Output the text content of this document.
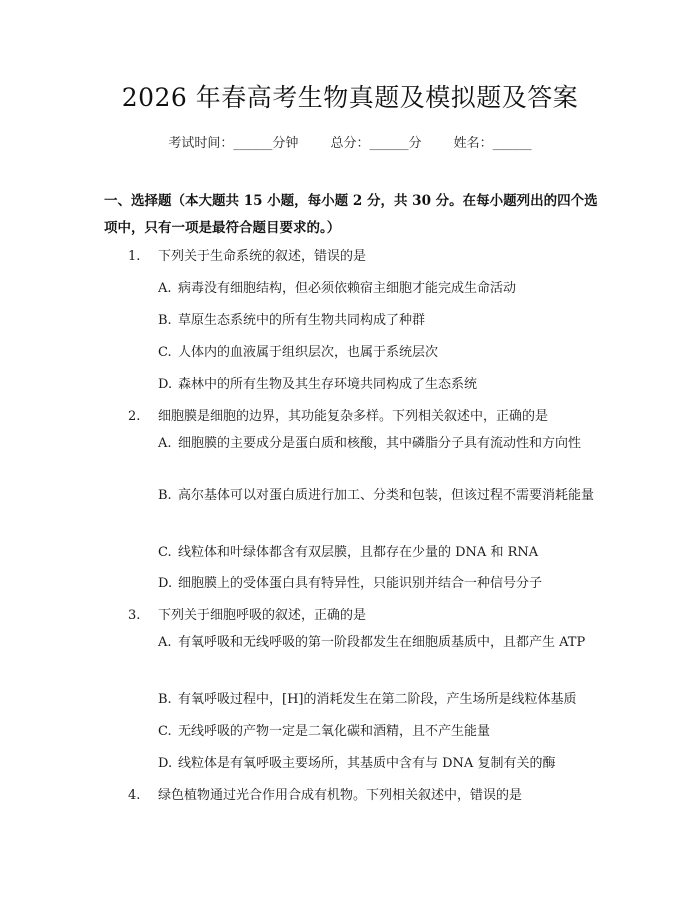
2026 年春高考生物真题及模拟题及答案
考试时间：______分钟 总分：______分 姓名：______
一、选择题（本大题共 15 小题，每小题 2 分，共 30 分。在每小题列出的四个选项中，只有一项是最符合题目要求的。）
1. 下列关于生命系统的叙述，错误的是
A. 病毒没有细胞结构，但必须依赖宿主细胞才能完成生命活动
B. 草原生态系统中的所有生物共同构成了种群
C. 人体内的血液属于组织层次，也属于系统层次
D. 森林中的所有生物及其生存环境共同构成了生态系统
2. 细胞膜是细胞的边界，其功能复杂多样。下列相关叙述中，正确的是
A. 细胞膜的主要成分是蛋白质和核酸，其中磷脂分子具有流动性和方向性
B. 高尔基体可以对蛋白质进行加工、分类和包装，但该过程不需要消耗能量
C. 线粒体和叶绿体都含有双层膜，且都存在少量的 DNA 和 RNA
D. 细胞膜上的受体蛋白具有特异性，只能识别并结合一种信号分子
3. 下列关于细胞呼吸的叙述，正确的是
A. 有氧呼吸和无线呼吸的第一阶段都发生在细胞质基质中，且都产生 ATP
B. 有氧呼吸过程中，[H]的消耗发生在第二阶段，产生场所是线粒体基质
C. 无线呼吸的产物一定是二氧化碳和酒精，且不产生能量
D. 线粒体是有氧呼吸主要场所，其基质中含有与 DNA 复制有关的酶
4. 绿色植物通过光合作用合成有机物。下列相关叙述中，错误的是
